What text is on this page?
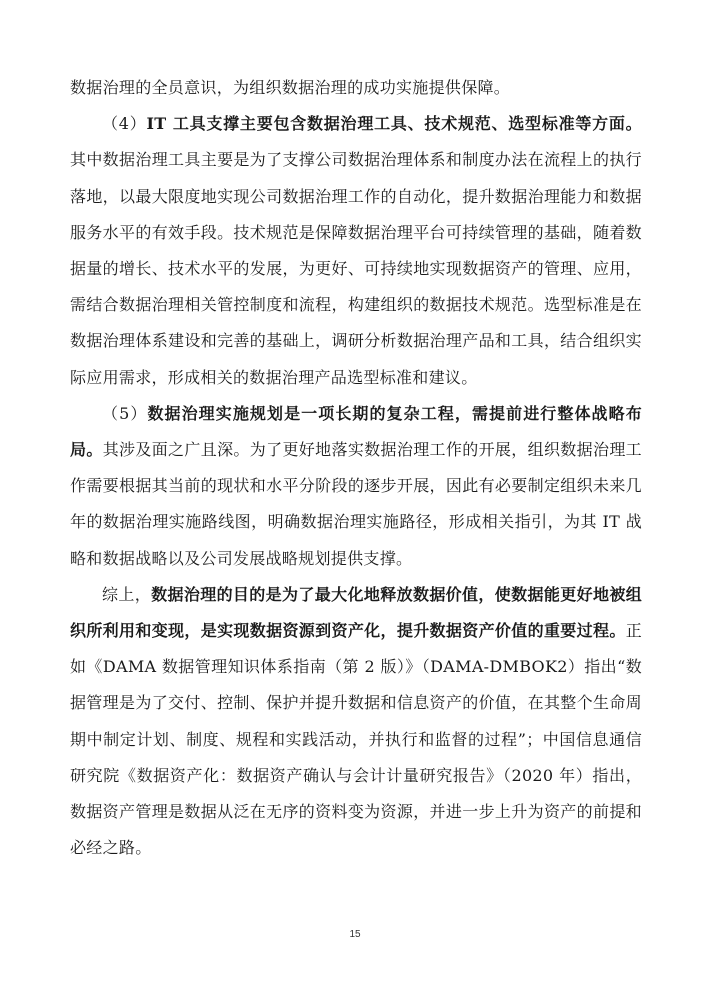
数据治理的全员意识，为组织数据治理的成功实施提供保障。

（4）IT 工具支撑主要包含数据治理工具、技术规范、选型标准等方面。其中数据治理工具主要是为了支撑公司数据治理体系和制度办法在流程上的执行落地，以最大限度地实现公司数据治理工作的自动化，提升数据治理能力和数据服务水平的有效手段。技术规范是保障数据治理平台可持续管理的基础，随着数据量的增长、技术水平的发展，为更好、可持续地实现数据资产的管理、应用，需结合数据治理相关管控制度和流程，构建组织的数据技术规范。选型标准是在数据治理体系建设和完善的基础上，调研分析数据治理产品和工具，结合组织实际应用需求，形成相关的数据治理产品选型标准和建议。

（5）数据治理实施规划是一项长期的复杂工程，需提前进行整体战略布局。其涉及面之广且深。为了更好地落实数据治理工作的开展，组织数据治理工作需要根据其当前的现状和水平分阶段的逐步开展，因此有必要制定组织未来几年的数据治理实施路线图，明确数据治理实施路径，形成相关指引，为其 IT 战略和数据战略以及公司发展战略规划提供支撑。

综上，数据治理的目的是为了最大化地释放数据价值，使数据能更好地被组织所利用和变现，是实现数据资源到资产化，提升数据资产价值的重要过程。正如《DAMA 数据管理知识体系指南（第 2 版）》（DAMA-DMBOK2）指出“数据管理是为了交付、控制、保护并提升数据和信息资产的价值，在其整个生命周期中制定计划、制度、规程和实践活动，并执行和监督的过程”；中国信息通信研究院《数据资产化：数据资产确认与会计计量研究报告》（2020 年）指出，数据资产管理是数据从泛在无序的资料变为资源，并进一步上升为资产的前提和必经之路。

15
